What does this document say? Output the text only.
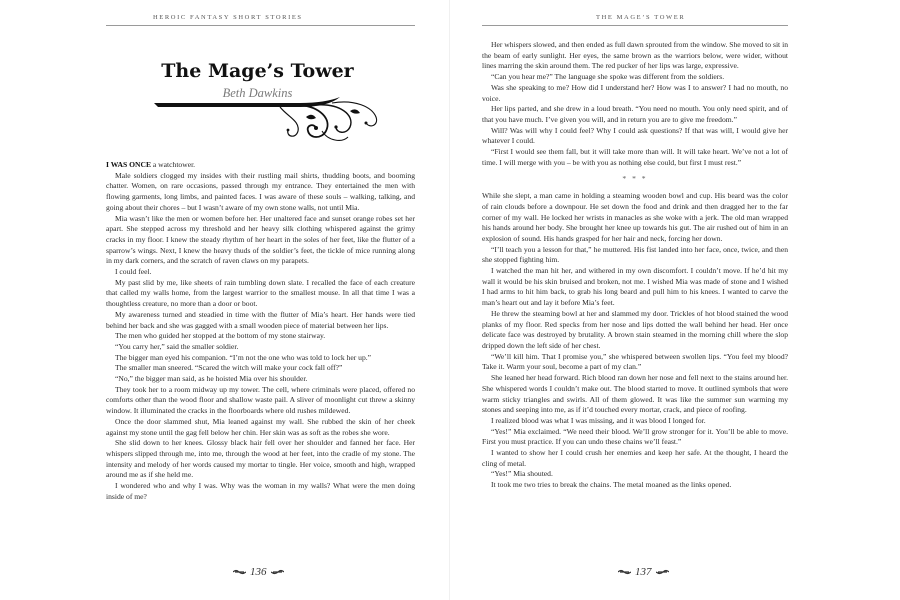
HEROIC FANTASY SHORT STORIES
The Mage’s Tower
Beth Dawkins

I WAS ONCE a watchtower.

Male soldiers clogged my insides with their rustling mail shirts, thudding boots, and booming chatter. Women, on rare occasions, passed through my entrance. They entertained the men with flowing garments, long limbs, and painted faces. I was aware of these souls – walking, talking, and going about their chores – but I wasn’t aware of my own stone walls, not until Mia.

Mia wasn’t like the men or women before her. Her unaltered face and sunset orange robes set her apart. She stepped across my threshold and her heavy silk clothing whispered against the grimy cracks in my floor. I knew the steady rhythm of her heart in the soles of her feet, like the flutter of a sparrow’s wings. Next, I knew the heavy thuds of the soldier’s feet, the tickle of mice running along in my dark corners, and the scratch of raven claws on my parapets.

I could feel.

My past slid by me, like sheets of rain tumbling down slate. I recalled the face of each creature that called my walls home, from the largest warrior to the smallest mouse. In all that time I was a thoughtless creature, no more than a door or boot.

My awareness turned and steadied in time with the flutter of Mia’s heart. Her hands were tied behind her back and she was gagged with a small wooden piece of material between her lips.

The men who guided her stopped at the bottom of my stone stairway.

“You carry her,” said the smaller soldier.

The bigger man eyed his companion. “I’m not the one who was told to lock her up.”

The smaller man sneered. “Scared the witch will make your cock fall off?”

“No,” the bigger man said, as he hoisted Mia over his shoulder.

They took her to a room midway up my tower. The cell, where criminals were placed, offered no comforts other than the wood floor and shallow waste pail. A sliver of moonlight cut threw a skinny window. It illuminated the cracks in the floorboards where old rushes mildewed.

Once the door slammed shut, Mia leaned against my wall. She rubbed the skin of her cheek against my stone until the gag fell below her chin. Her skin was as soft as the robes she wore.

She slid down to her knees. Glossy black hair fell over her shoulder and fanned her face. Her whispers slipped through me, into me, through the wood at her feet, into the cradle of my stone. The intensity and melody of her words caused my mortar to tingle. Her voice, smooth and high, wrapped around me as if she held me.

I wondered who and why I was. Why was the woman in my walls? What were the men doing inside of me?

136
THE MAGE’S TOWER

Her whispers slowed, and then ended as full dawn sprouted from the window. She moved to sit in the beam of early sunlight. Her eyes, the same brown as the warriors below, were wider, without lines marring the skin around them. The red pucker of her lips was large, expressive.

“Can you hear me?” The language she spoke was different from the soldiers.

Was she speaking to me? How did I understand her? How was I to answer? I had no mouth, no voice.

Her lips parted, and she drew in a loud breath. “You need no mouth. You only need spirit, and of that you have much. I’ve given you will, and in return you are to give me freedom.”

Will? Was will why I could feel? Why I could ask questions? If that was will, I would give her whatever I could.

“First I would see them fall, but it will take more than will. It will take heart. We’ve not a lot of time. I will merge with you – be with you as nothing else could, but first I must rest.”

* * *

While she slept, a man came in holding a steaming wooden bowl and cup. His beard was the color of rain clouds before a downpour. He set down the food and drink and then dragged her to the far corner of my wall. He locked her wrists in manacles as she woke with a jerk. The old man wrapped his hands around her body. She brought her knee up towards his gut. The air rushed out of him in an explosion of sound. His hands grasped for her hair and neck, forcing her down.

“I’ll teach you a lesson for that,” he muttered. His fist landed into her face, once, twice, and then she stopped fighting him.

I watched the man hit her, and withered in my own discomfort. I couldn’t move. If he’d hit my wall it would be his skin bruised and broken, not me. I wished Mia was made of stone and I wished I had arms to hit him back, to grab his long beard and pull him to his knees. I wanted to carve the man’s heart out and lay it before Mia’s feet.

He threw the steaming bowl at her and slammed my door. Trickles of hot blood stained the wood planks of my floor. Red specks from her nose and lips dotted the wall behind her head. Her once delicate face was destroyed by brutality. A brown stain steamed in the morning chill where the slop dripped down the left side of her chest.

“We’ll kill him. That I promise you,” she whispered between swollen lips. “You feel my blood? Take it. Warm your soul, become a part of my clan.”

She leaned her head forward. Rich blood ran down her nose and fell next to the stains around her. She whispered words I couldn’t make out. The blood started to move. It outlined symbols that were warm sticky triangles and swirls. All of them glowed. It was like the summer sun warming my stones and seeping into me, as if it’d touched every mortar, crack, and piece of roofing.

I realized blood was what I was missing, and it was blood I longed for.

“Yes!” Mia exclaimed. “We need their blood. We’ll grow stronger for it. You’ll be able to move. First you must practice. If you can undo these chains we’ll feast.”

I wanted to show her I could crush her enemies and keep her safe. At the thought, I heard the cling of metal.

“Yes!” Mia shouted.

It took me two tries to break the chains. The metal moaned as the links opened.

137
